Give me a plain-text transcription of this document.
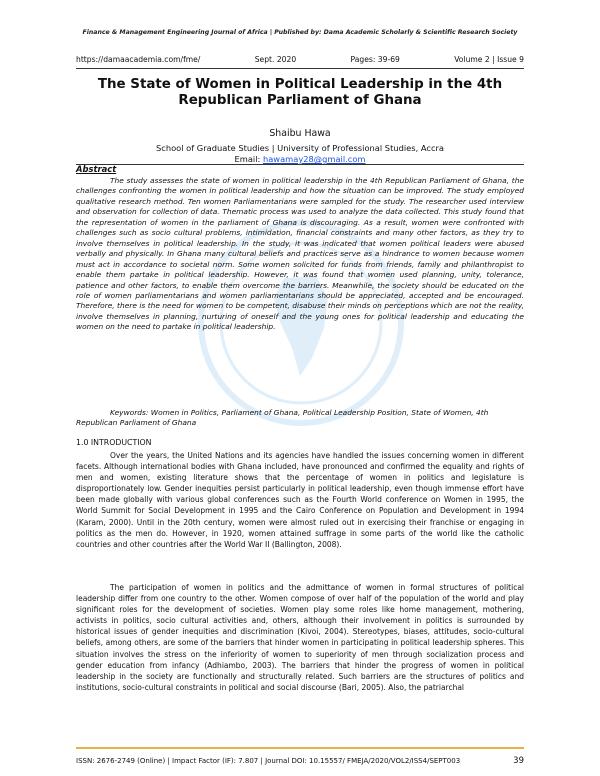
Finance & Management Engineering Journal of Africa | Published by: Dama Academic Scholarly & Scientific Research Society
https://damaacademia.com/fme/	Sept. 2020	Pages: 39-69	Volume 2 | Issue 9
The State of Women in Political Leadership in the 4th
Republican Parliament of Ghana
Shaibu Hawa
School of Graduate Studies | University of Professional Studies, Accra
Email: hawamay28@gmail.com
Abstract

The study assesses the state of women in political leadership in the 4th Republican Parliament of Ghana, the challenges confronting the women in political leadership and how the situation can be improved. The study employed qualitative research method. Ten women Parliamentarians were sampled for the study. The researcher used interview and observation for collection of data. Thematic process was used to analyze the data collected. This study found that the representation of women in the parliament of Ghana is discouraging. As a result, women were confronted with challenges such as socio cultural problems, intimidation, financial constraints and many other factors, as they try to involve themselves in political leadership. In the study, it was indicated that women political leaders were abused verbally and physically. In Ghana many cultural beliefs and practices serve as a hindrance to women because women must act in accordance to societal norm. Some women solicited for funds from friends, family and philanthropist to enable them partake in political leadership. However, it was found that women used planning, unity, tolerance, patience and other factors, to enable them overcome the barriers. Meanwhile, the society should be educated on the role of women parliamentarians and women parliamentarians should be appreciated, accepted and be encouraged. Therefore, there is the need for women to be competent, disabuse their minds on perceptions which are not the reality, involve themselves in planning, nurturing of oneself and the young ones for political leadership and educating the women on the need to partake in political leadership.

Keywords: Women in Politics, Parliament of Ghana, Political Leadership Position, State of Women, 4th Republican Parliament of Ghana

1.0 INTRODUCTION

Over the years, the United Nations and its agencies have handled the issues concerning women in different facets. Although international bodies with Ghana included, have pronounced and confirmed the equality and rights of men and women, existing literature shows that the percentage of women in politics and legislature is disproportionately low. Gender inequities persist particularly in political leadership, even though immense effort have been made globally with various global conferences such as the Fourth World conference on Women in 1995, the World Summit for Social Development in 1995 and the Cairo Conference on Population and Development in 1994 (Karam, 2000). Until in the 20th century, women were almost ruled out in exercising their franchise or engaging in politics as the men do. However, in 1920, women attained suffrage in some parts of the world like the catholic countries and other countries after the World War II (Ballington, 2008).

The participation of women in politics and the admittance of women in formal structures of political leadership differ from one country to the other. Women compose of over half of the population of the world and play significant roles for the development of societies. Women play some roles like home management, mothering, activists in politics, socio cultural activities and, others, although their involvement in politics is surrounded by historical issues of gender inequities and discrimination (Kivoi, 2004). Stereotypes, biases, attitudes, socio-cultural beliefs, among others, are some of the barriers that hinder women in participating in political leadership spheres. This situation involves the stress on the inferiority of women to superiority of men through socialization process and gender education from infancy (Adhiambo, 2003). The barriers that hinder the progress of women in political leadership in the society are functionally and structurally related. Such barriers are the structures of politics and institutions, socio-cultural constraints in political and social discourse (Bari, 2005). Also, the patriarchal

ISSN: 2676-2749 (Online) | Impact Factor (IF): 7.807 | Journal DOI: 10.15557/ FMEJA/2020/VOL2/ISS4/SEPT003	39
